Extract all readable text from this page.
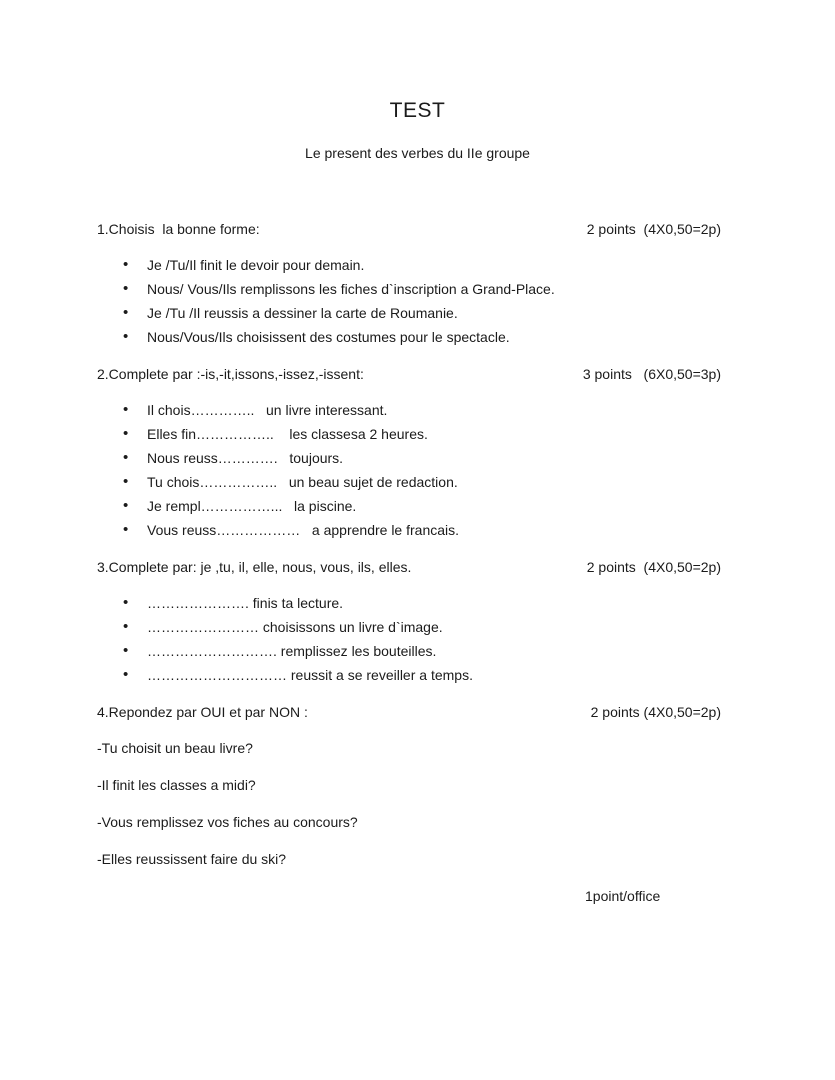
TEST
Le present des verbes du IIe groupe
1.Choisis  la bonne forme:	2 points  (4X0,50=2p)
• Je /Tu/Il finit le devoir pour demain.
• Nous/ Vous/Ils remplissons les fiches d`inscription a Grand-Place.
• Je /Tu /Il reussis a dessiner la carte de Roumanie.
• Nous/Vous/Ils choisissent des costumes pour le spectacle.
2.Complete par :-is,-it,issons,-issez,-issent:	3 points   (6X0,50=3p)
• Il chois…………..   un livre interessant.
• Elles fin……………..    les classesa 2 heures.
• Nous reuss………….   toujours.
• Tu chois……………..   un beau sujet de redaction.
• Je rempl……………...   la piscine.
• Vous reuss………………   a apprendre le francais.
3.Complete par: je ,tu, il, elle, nous, vous, ils, elles.	2 points  (4X0,50=2p)
• …………………. finis ta lecture.
• …………………… choisissons un livre d`image.
• ………………………. remplissez les bouteilles.
• ………………………… reussit a se reveiller a temps.
4.Repondez par OUI et par NON :	2 points (4X0,50=2p)
-Tu choisit un beau livre?
-Il finit les classes a midi?
-Vous remplissez vos fiches au concours?
-Elles reussissent faire du ski?
1point/office
